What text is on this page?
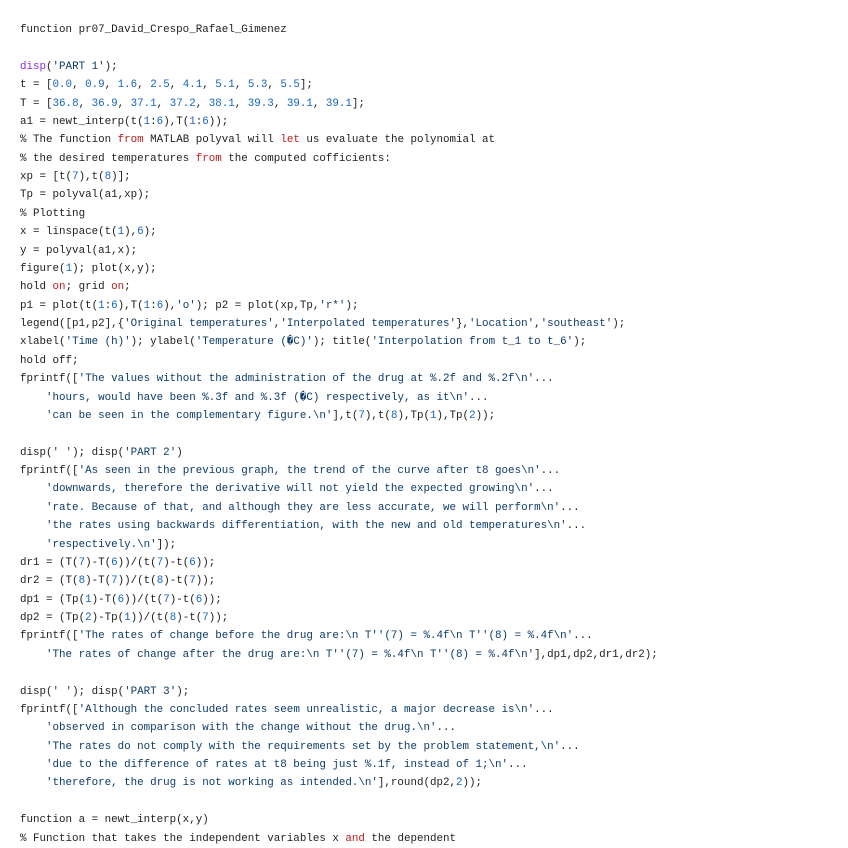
function pr07_David_Crespo_Rafael_Gimenez
disp('PART 1');
t = [0.0, 0.9, 1.6, 2.5, 4.1, 5.1, 5.3, 5.5];
T = [36.8, 36.9, 37.1, 37.2, 38.1, 39.3, 39.1, 39.1];
a1 = newt_interp(t(1:6),T(1:6));
% The function from MATLAB polyval will let us evaluate the polynomial at
% the desired temperatures from the computed cofficients:
xp = [t(7),t(8)];
Tp = polyval(a1,xp);
% Plotting
x = linspace(t(1),6);
y = polyval(a1,x);
figure(1); plot(x,y);
hold on; grid on;
p1 = plot(t(1:6),T(1:6),'o'); p2 = plot(xp,Tp,'r*');
legend([p1,p2],{'Original temperatures','Interpolated temperatures'},'Location','southeast');
xlabel('Time (h)'); ylabel('Temperature (�C)'); title('Interpolation from t_1 to t_6');
hold off;
fprintf(['The values without the administration of the drug at %.2f and %.2f\n'...
'hours, would have been %.3f and %.3f (�C) respectively, as it\n'...
'can be seen in the complementary figure.\n'],t(7),t(8),Tp(1),Tp(2));
disp(' '); disp('PART 2')
fprintf(['As seen in the previous graph, the trend of the curve after t8 goes\n'...
'downwards, therefore the derivative will not yield the expected growing\n'...
'rate. Because of that, and although they are less accurate, we will perform\n'...
'the rates using backwards differentiation, with the new and old temperatures\n'...
'respectively.\n']);
dr1 = (T(7)-T(6))/(t(7)-t(6));
dr2 = (T(8)-T(7))/(t(8)-t(7));
dp1 = (Tp(1)-T(6))/(t(7)-t(6));
dp2 = (Tp(2)-Tp(1))/(t(8)-t(7));
fprintf(['The rates of change before the drug are:\n T''(7) = %.4f\n T''(8) = %.4f\n'...
'The rates of change after the drug are:\n T''(7) = %.4f\n T''(8) = %.4f\n'],dp1,dp2,dr1,dr2);
disp(' '); disp('PART 3');
fprintf(['Although the concluded rates seem unrealistic, a major decrease is\n'...
'observed in comparison with the change without the drug.\n'...
'The rates do not comply with the requirements set by the problem statement,\n'...
'due to the difference of rates at t8 being just %.1f, instead of 1;\n'...
'therefore, the drug is not working as intended.\n'],round(dp2,2));
function a = newt_interp(x,y)
% Function that takes the independent variables x and the dependent
